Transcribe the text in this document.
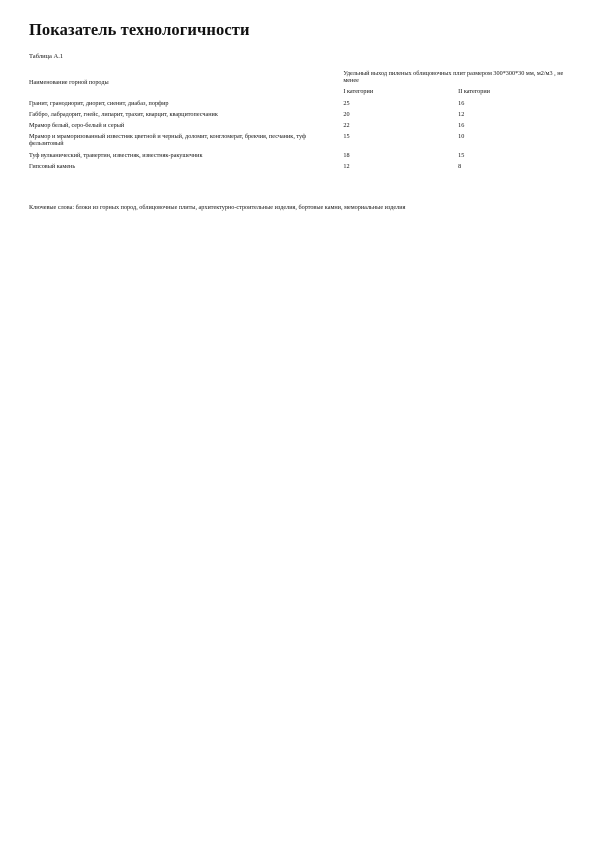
Показатель технологичности
Таблица А.1
Наименование горной породы	Удельный выход пиленых облицовочных плит размером 300*300*30 мм, м2/м3 , не менее	
	I категории	II категории
Гранит, гранодиорит, диорит, сиенит, диабаз, порфир	25	16
Габбро, лабрадорит, гнейс, липарит, трахит, кварцит, кварцитопесчаник	20	12
Мрамор белый, серо-белый и серый	22	16
Мрамор и мраморизованный известняк цветной и черный, доломит, конгломерат, брекчия, песчаник, туф фельзитовый	15	10
Туф вулканический, травертин, известняк, известняк-ракушечник	18	15
Гипсовый камень	12	8
Ключевые слова: блоки из горных пород, облицовочные плиты, архитектурно-строительные изделия, бортовые камни, мемориальные изделия
